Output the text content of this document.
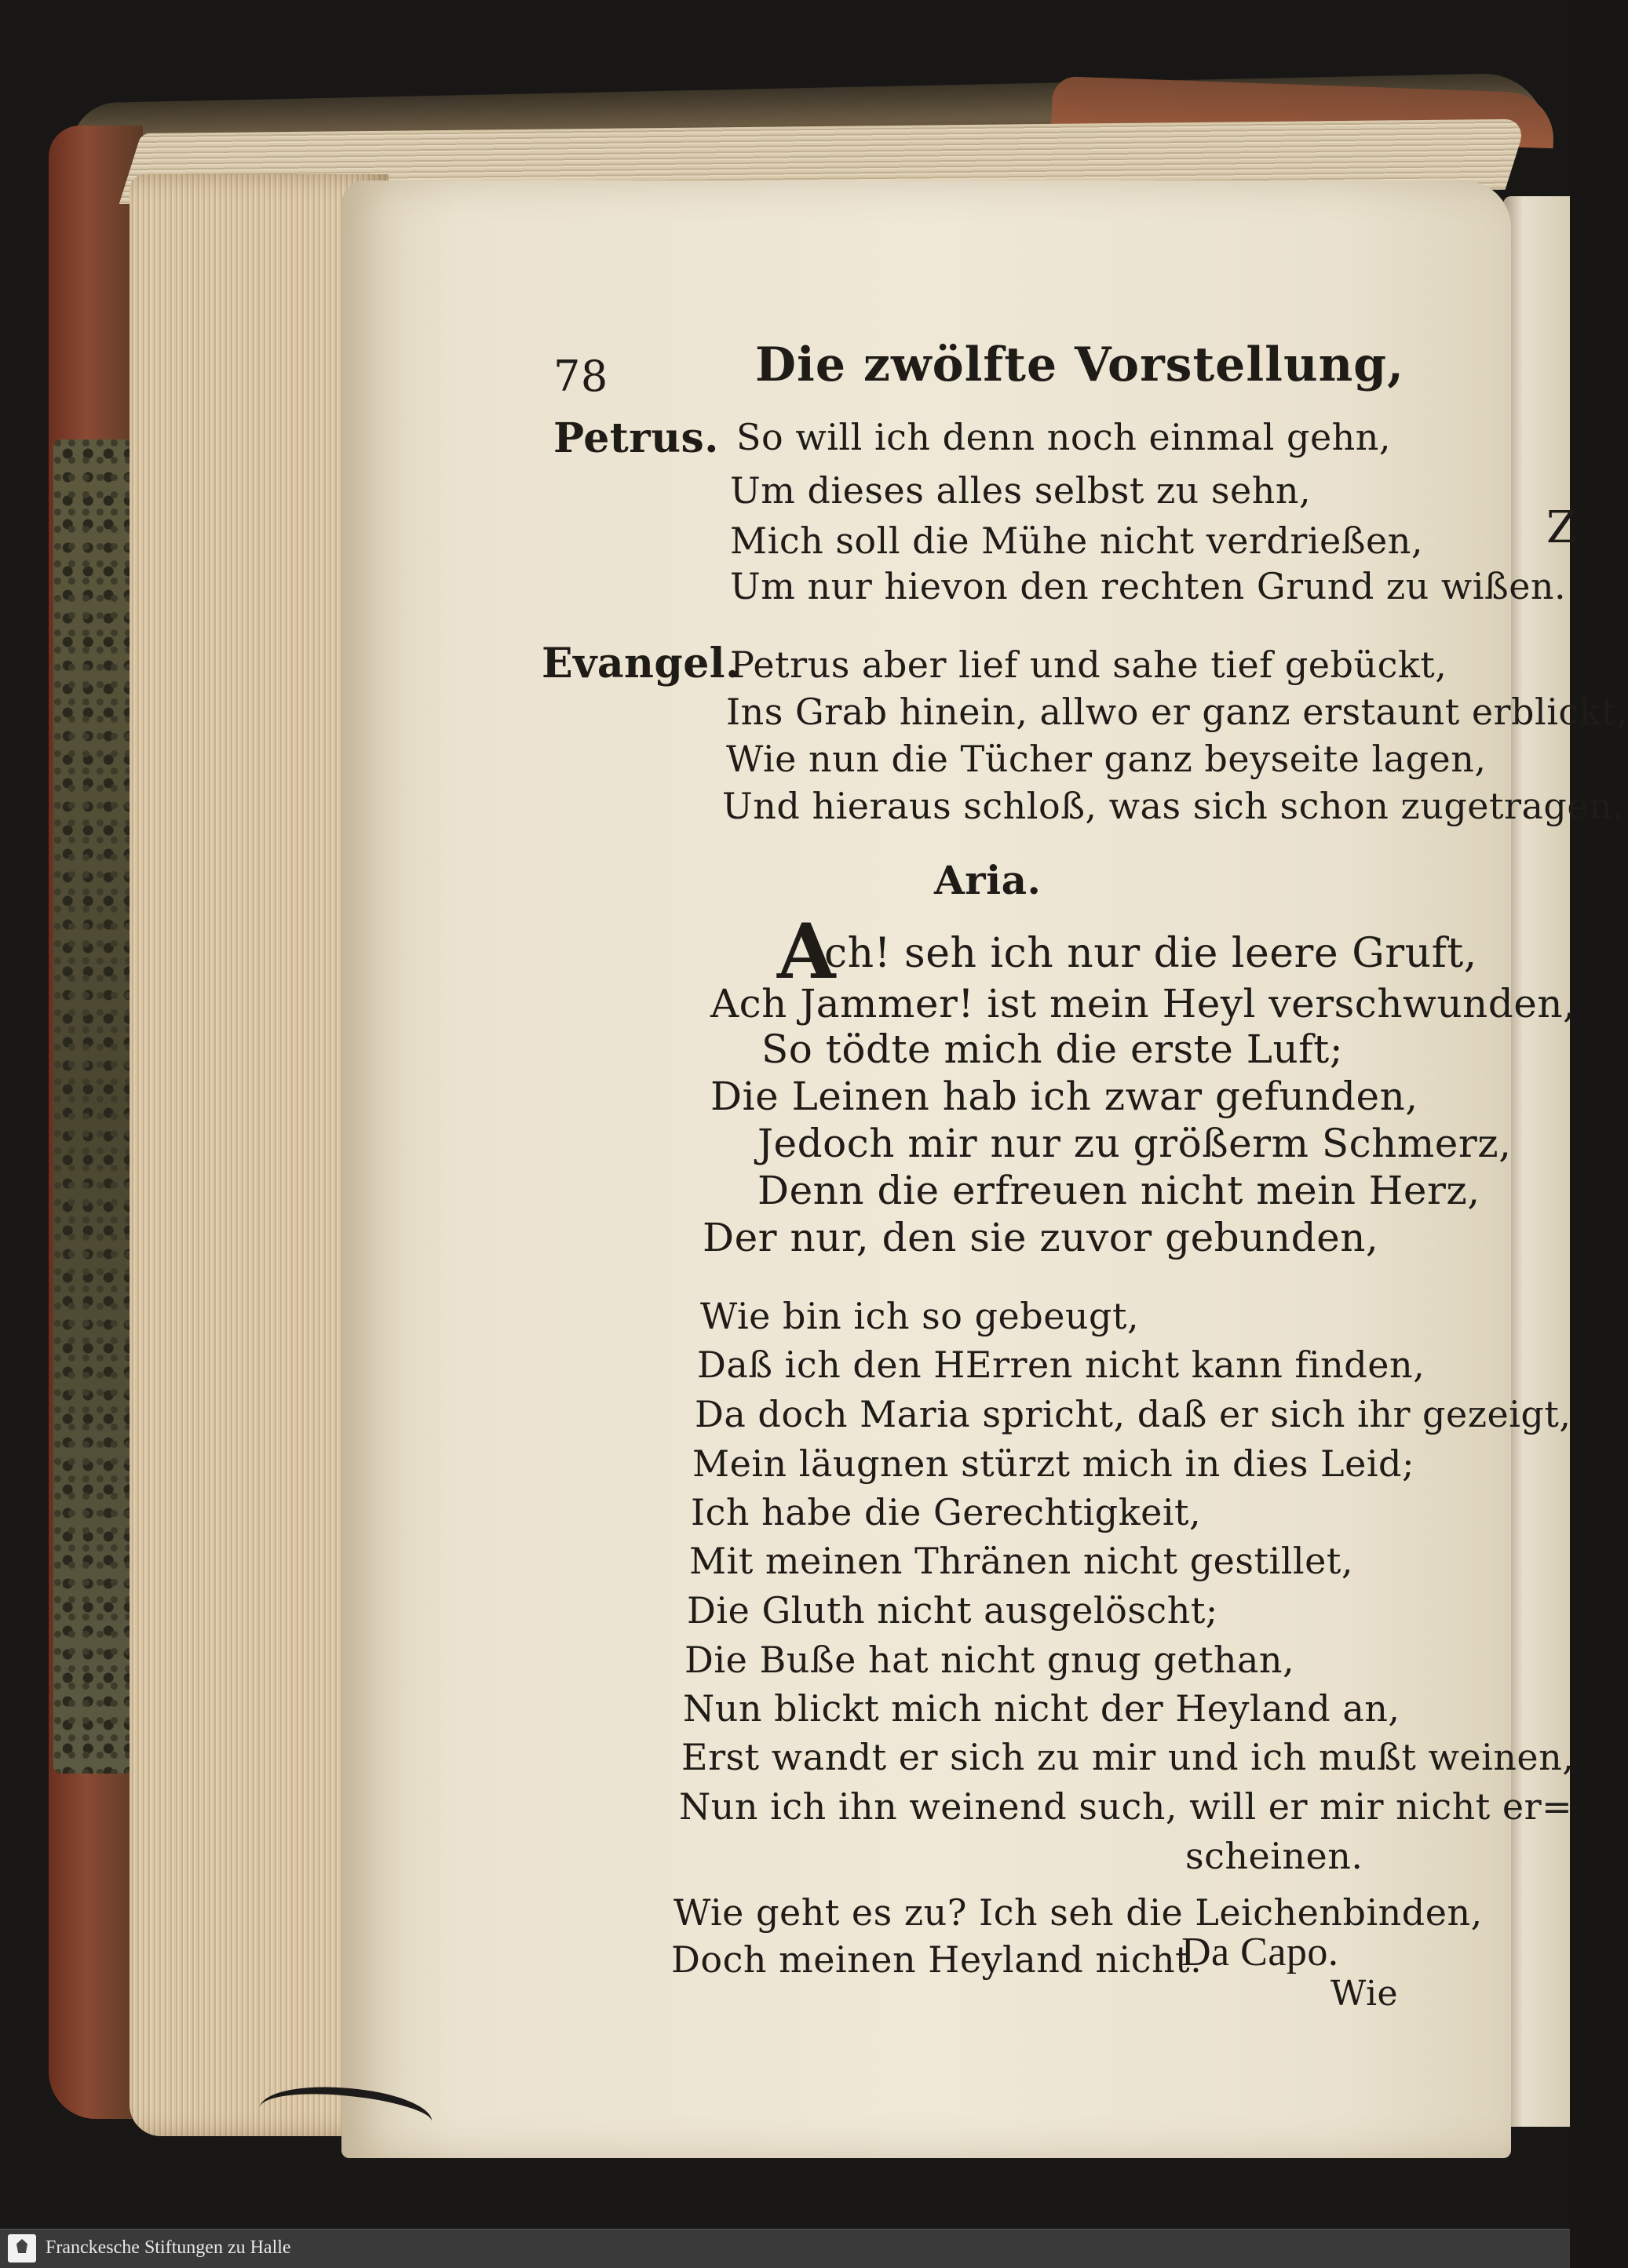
Z
78	Die zwölfte Vorstellung,
Petrus. So will ich denn noch einmal gehn,
Um dieses alles selbst zu sehn,
Mich soll die Mühe nicht verdrießen,
Um nur hievon den rechten Grund zu wißen.
Evangel.
Petrus aber lief und sahe tief gebückt,
Ins Grab hinein, allwo er ganz erstaunt erblickt,
Wie nun die Tücher ganz beyseite lagen,
Und hieraus schloß, was sich schon zugetragen.
Aria.
A
ch! seh ich nur die leere Gruft,
Ach Jammer! ist mein Heyl verschwunden,
So tödte mich die erste Luft;
Die Leinen hab ich zwar gefunden,
Jedoch mir nur zu größerm Schmerz,
Denn die erfreuen nicht mein Herz,
Der nur, den sie zuvor gebunden,
Wie bin ich so gebeugt,
Daß ich den HErren nicht kann finden,
Da doch Maria spricht, daß er sich ihr gezeigt,
Mein läugnen stürzt mich in dies Leid;
Ich habe die Gerechtigkeit,
Mit meinen Thränen nicht gestillet,
Die Gluth nicht ausgelöscht;
Die Buße hat nicht gnug gethan,
Nun blickt mich nicht der Heyland an,
Erst wandt er sich zu mir und ich mußt weinen,
Nun ich ihn weinend such, will er mir nicht er=
scheinen.
Wie geht es zu? Ich seh die Leichenbinden,
Doch meinen Heyland nicht.
Da Capo.
Wie
Franckesche Stiftungen zu Halle
